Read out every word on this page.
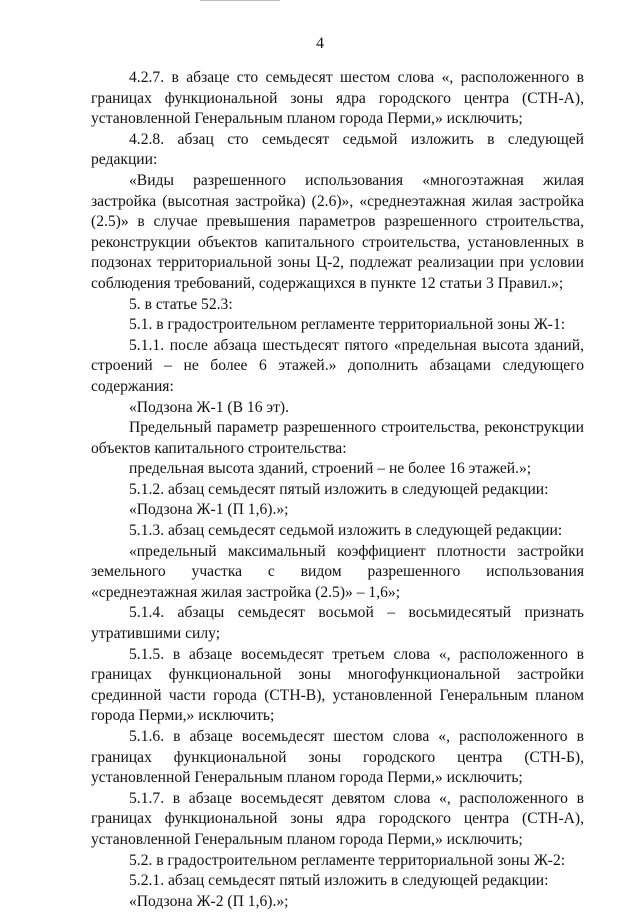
4

4.2.7. в абзаце сто семьдесят шестом слова «, расположенного в границах функциональной зоны ядра городского центра (СТН-А), установленной Генеральным планом города Перми,» исключить;

4.2.8. абзац сто семьдесят седьмой изложить в следующей редакции:

«Виды разрешенного использования «многоэтажная жилая застройка (высотная застройка) (2.6)», «среднеэтажная жилая застройка (2.5)» в случае превышения параметров разрешенного строительства, реконструкции объектов капитального строительства, установленных в подзонах территориальной зоны Ц-2, подлежат реализации при условии соблюдения требований, содержащихся в пункте 12 статьи 3 Правил.»;

5. в статье 52.3:

5.1. в градостроительном регламенте территориальной зоны Ж-1:

5.1.1. после абзаца шестьдесят пятого «предельная высота зданий, строений – не более 6 этажей.» дополнить абзацами следующего содержания:

«Подзона Ж-1 (В 16 эт).

Предельный параметр разрешенного строительства, реконструкции объектов капитального строительства:

предельная высота зданий, строений – не более 16 этажей.»;

5.1.2. абзац семьдесят пятый изложить в следующей редакции:

«Подзона Ж-1 (П 1,6).»;

5.1.3. абзац семьдесят седьмой изложить в следующей редакции:

«предельный максимальный коэффициент плотности застройки земельного участка с видом разрешенного использования «среднеэтажная жилая застройка (2.5)» – 1,6»;

5.1.4. абзацы семьдесят восьмой – восьмидесятый признать утратившими силу;

5.1.5. в абзаце восемьдесят третьем слова «, расположенного в границах функциональной зоны многофункциональной застройки срединной части города (СТН-В), установленной Генеральным планом города Перми,» исключить;

5.1.6. в абзаце восемьдесят шестом слова «, расположенного в границах функциональной зоны городского центра (СТН-Б), установленной Генеральным планом города Перми,» исключить;

5.1.7. в абзаце восемьдесят девятом слова «, расположенного в границах функциональной зоны ядра городского центра (СТН-А), установленной Генеральным планом города Перми,» исключить;

5.2. в градостроительном регламенте территориальной зоны Ж-2:

5.2.1. абзац семьдесят пятый изложить в следующей редакции:

«Подзона Ж-2 (П 1,6).»;
